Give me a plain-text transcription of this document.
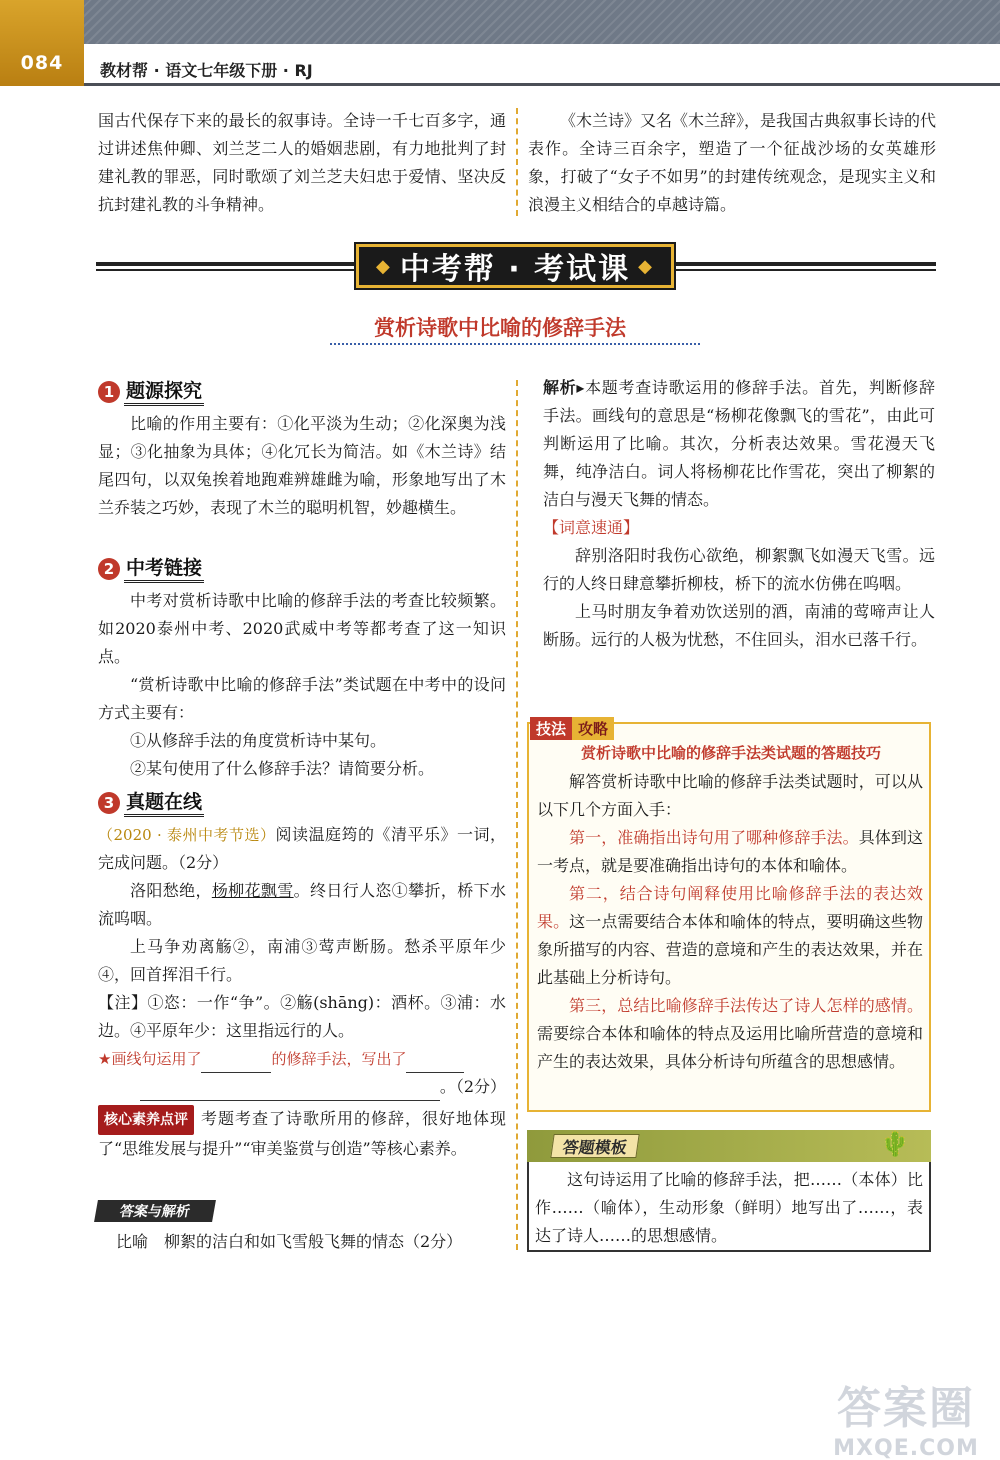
084	教材帮 · 语文七年级下册 · RJ
国古代保存下来的最长的叙事诗。全诗一千七百多字，通过讲述焦仲卿、刘兰芝二人的婚姻悲剧，有力地批判了封建礼教的罪恶，同时歌颂了刘兰芝夫妇忠于爱情、坚决反抗封建礼教的斗争精神。
《木兰诗》又名《木兰辞》，是我国古典叙事长诗的代表作。全诗三百余字，塑造了一个征战沙场的女英雄形象，打破了“女子不如男”的封建传统观念，是现实主义和浪漫主义相结合的卓越诗篇。
◆ 中考帮 · 考试课 ◆
赏析诗歌中比喻的修辞手法
1 题源探究
比喻的作用主要有：①化平淡为生动；②化深奥为浅显；③化抽象为具体；④化冗长为简洁。如《木兰诗》结尾四句，以双兔挨着地跑难辨雄雌为喻，形象地写出了木兰乔装之巧妙，表现了木兰的聪明机智，妙趣横生。
2 中考链接
中考对赏析诗歌中比喻的修辞手法的考查比较频繁。如2020泰州中考、2020武威中考等都考查了这一知识点。
“赏析诗歌中比喻的修辞手法”类试题在中考中的设问方式主要有：
①从修辞手法的角度赏析诗中某句。
②某句使用了什么修辞手法？请简要分析。
3 真题在线
（2020 · 泰州中考节选）阅读温庭筠的《清平乐》一词，完成问题。（2分）
洛阳愁绝，杨柳花飘雪。终日行人恣①攀折，桥下水流呜咽。
上马争劝离觞②，南浦③莺声断肠。愁杀平原年少④，回首挥泪千行。
【注】①恣：一作“争”。②觞(shāng)：酒杯。③浦：水边。④平原年少：这里指远行的人。
★画线句运用了	的修辞手法，写出了
。（2分）
核心素养点评 考题考查了诗歌所用的修辞，很好地体现了“思维发展与提升”“审美鉴赏与创造”等核心素养。
答案与解析
比喻　柳絮的洁白和如飞雪般飞舞的情态（2分）
解析▸本题考查诗歌运用的修辞手法。首先，判断修辞手法。画线句的意思是“杨柳花像飘飞的雪花”，由此可判断运用了比喻。其次，分析表达效果。雪花漫天飞舞，纯净洁白。词人将杨柳花比作雪花，突出了柳絮的洁白与漫天飞舞的情态。
【词意速通】
辞别洛阳时我伤心欲绝，柳絮飘飞如漫天飞雪。远行的人终日肆意攀折柳枝，桥下的流水仿佛在呜咽。
上马时朋友争着劝饮送别的酒，南浦的莺啼声让人断肠。远行的人极为忧愁，不住回头，泪水已落千行。
技法 攻略
赏析诗歌中比喻的修辞手法类试题的答题技巧
解答赏析诗歌中比喻的修辞手法类试题时，可以从以下几个方面入手：
第一，准确指出诗句用了哪种修辞手法。具体到这一考点，就是要准确指出诗句的本体和喻体。
第二，结合诗句阐释使用比喻修辞手法的表达效果。这一点需要结合本体和喻体的特点，要明确这些物象所描写的内容、营造的意境和产生的表达效果，并在此基础上分析诗句。
第三，总结比喻修辞手法传达了诗人怎样的感情。需要综合本体和喻体的特点及运用比喻所营造的意境和产生的表达效果，具体分析诗句所蕴含的思想感情。
答题模板	🌵
这句诗运用了比喻的修辞手法，把……（本体）比作……（喻体），生动形象（鲜明）地写出了……，表达了诗人……的思想感情。
答案圈
MXQE.COM
